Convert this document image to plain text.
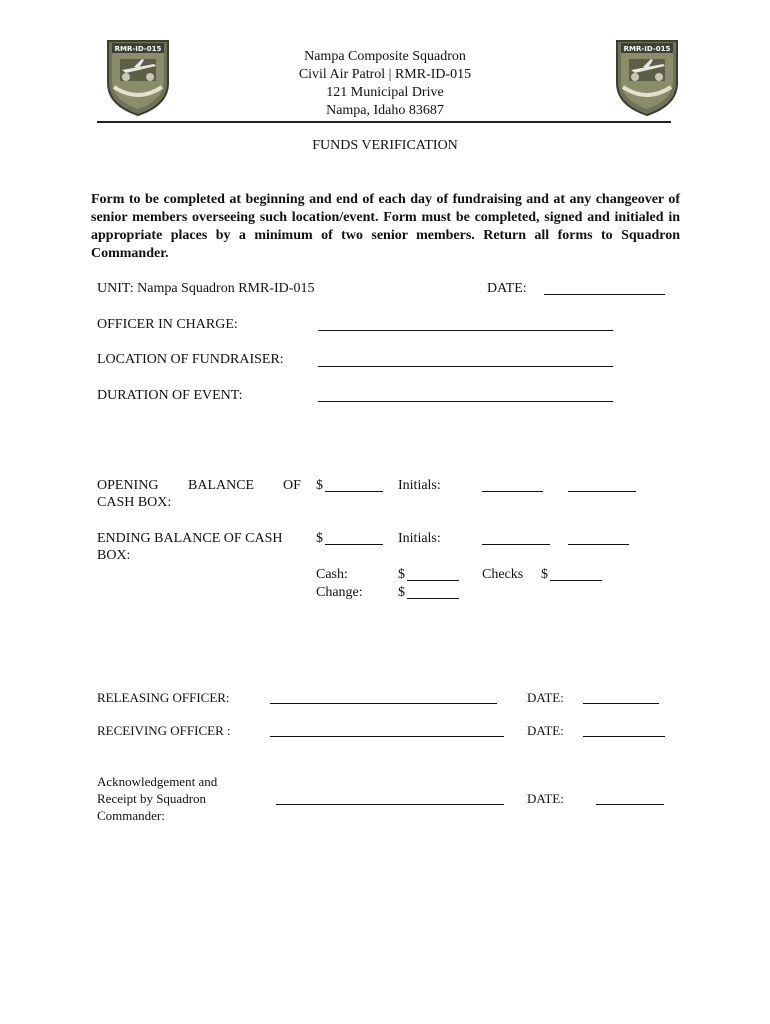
RMR-ID-015	RMR-ID-015
Nampa Composite Squadron
Civil Air Patrol | RMR-ID-015
121 Municipal Drive
Nampa, Idaho 83687
FUNDS VERIFICATION
Form to be completed at beginning and end of each day of fundraising and at any changeover of senior members overseeing such location/event. Form must be completed, signed and initialed in appropriate places by a minimum of two senior members. Return all forms to Squadron Commander.
UNIT: Nampa Squadron RMR-ID-015	DATE:
OFFICER IN CHARGE:
LOCATION OF FUNDRAISER:
DURATION OF EVENT:
OPENING BALANCE OF
CASH BOX:
$	Initials:
ENDING BALANCE OF CASH
BOX:
$	Initials:
Cash:	$	Checks $
Change:	$
RELEASING OFFICER:	DATE:
RECEIVING OFFICER :	DATE:
Acknowledgement and
Receipt by Squadron
Commander:
DATE:
